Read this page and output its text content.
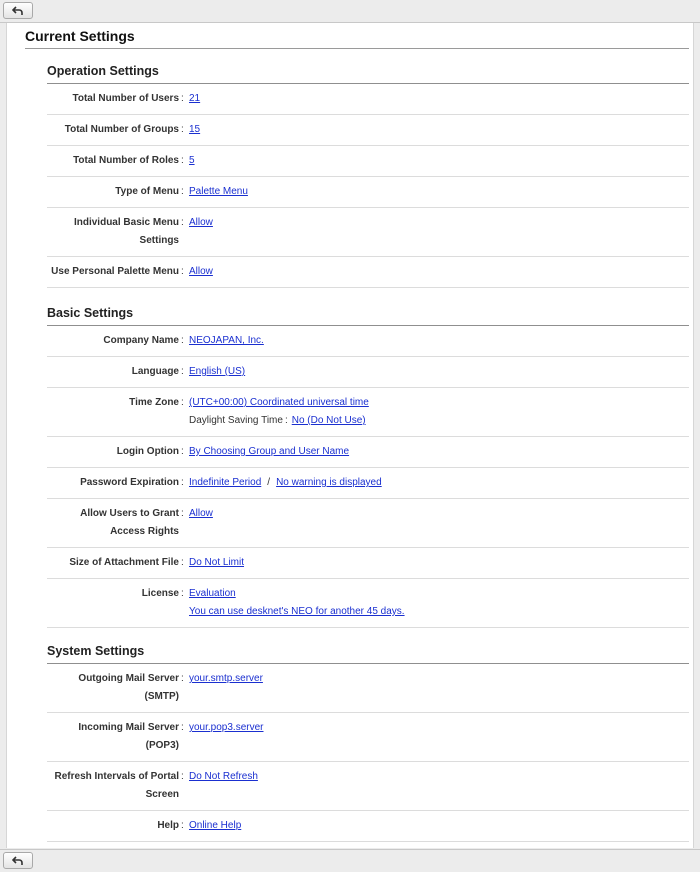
Current Settings
Operation Settings
Total Number of Users : 21
Total Number of Groups : 15
Total Number of Roles : 5
Type of Menu : Palette Menu
Individual Basic Menu
Settings
: Allow
Use Personal Palette Menu : Allow
Basic Settings
Company Name : NEOJAPAN, Inc.
Language : English (US)
Time Zone : (UTC+00:00) Coordinated universal time
Daylight Saving Time : No (Do Not Use)
Login Option : By Choosing Group and User Name
Password Expiration : Indefinite Period / No warning is displayed
Allow Users to Grant
Access Rights
: Allow
Size of Attachment File : Do Not Limit
License : Evaluation
You can use desknet's NEO for another 45 days.
System Settings
Outgoing Mail Server
(SMTP)
: your.smtp.server
Incoming Mail Server
(POP3)
: your.pop3.server
Refresh Intervals of Portal
Screen
: Do Not Refresh
Help : Online Help
